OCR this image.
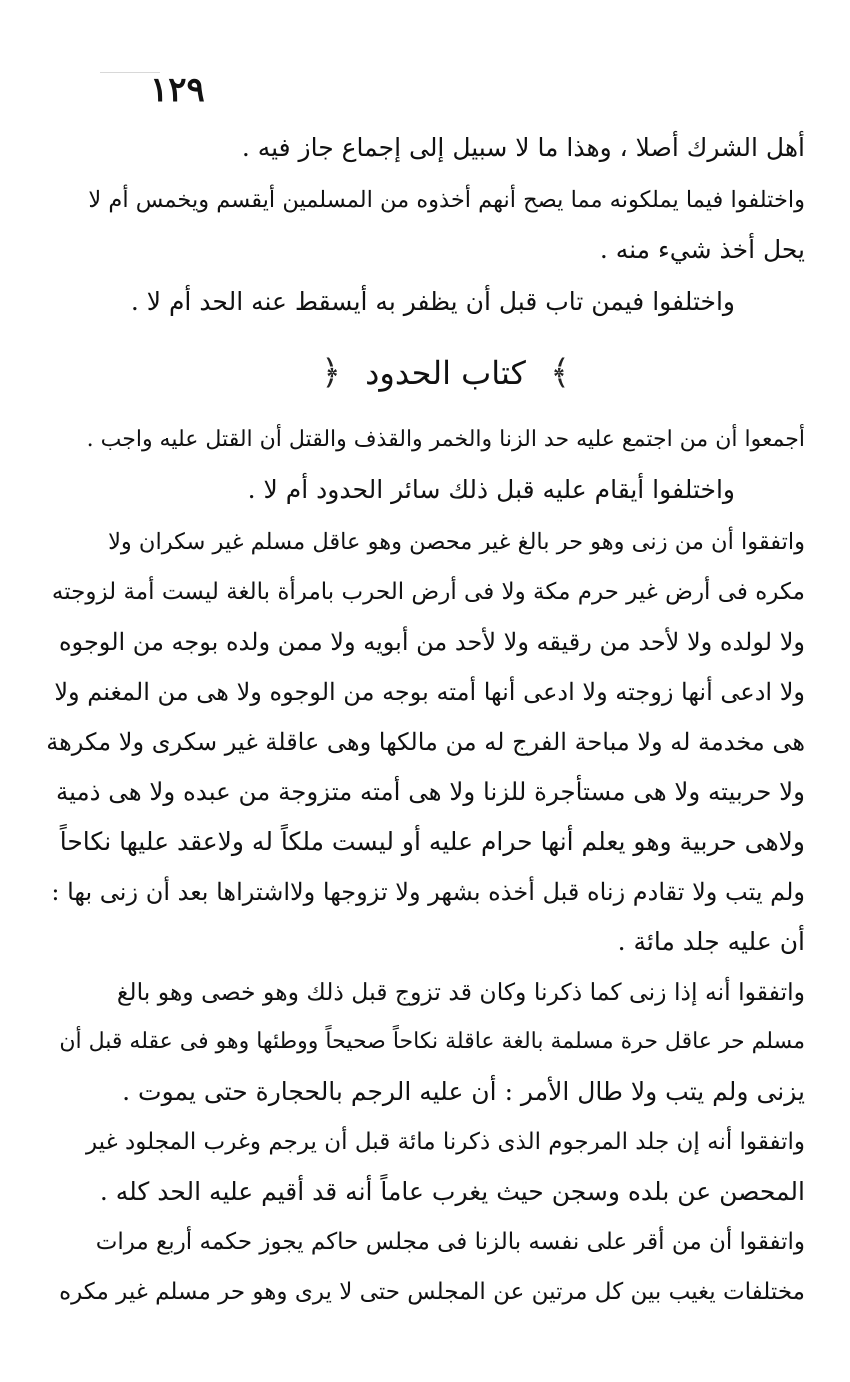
١٢٩
أهل الشرك أصلا ، وهذا ما لا سبيل إلى إجماع جاز فيه .
واختلفوا فيما يملكونه مما يصح أنهم أخذوه من المسلمين أيقسم ويخمس أم لا
يحل أخذ شيء منه .
واختلفوا فيمن تاب قبل أن يظفر به أيسقط عنه الحد أم لا .
﴾ كتاب الحدود ﴿
أجمعوا أن من اجتمع عليه حد الزنا والخمر والقذف والقتل أن القتل عليه واجب .
واختلفوا أيقام عليه قبل ذلك سائر الحدود أم لا .
واتفقوا أن من زنى وهو حر بالغ غير محصن وهو عاقل مسلم غير سكران ولا
مكره فى أرض غير حرم مكة ولا فى أرض الحرب بامرأة بالغة ليست أمة لزوجته
ولا لولده ولا لأحد من رقيقه ولا لأحد من أبويه ولا ممن ولده بوجه من الوجوه
ولا ادعى أنها زوجته ولا ادعى أنها أمته بوجه من الوجوه ولا هى من المغنم ولا
هى مخدمة له ولا مباحة الفرج له من مالكها وهى عاقلة غير سكرى ولا مكرهة
ولا حربيته ولا هى مستأجرة للزنا ولا هى أمته متزوجة من عبده ولا هى ذمية
ولاهى حربية وهو يعلم أنها حرام عليه أو ليست ملكاً له ولاعقد عليها نكاحاً
ولم يتب ولا تقادم زناه قبل أخذه بشهر ولا تزوجها ولااشتراها بعد أن زنى بها :
أن عليه جلد مائة .
واتفقوا أنه إذا زنى كما ذكرنا وكان قد تزوج قبل ذلك وهو خصى وهو بالغ
مسلم حر عاقل حرة مسلمة بالغة عاقلة نكاحاً صحيحاً ووطئها وهو فى عقله قبل أن
يزنى ولم يتب ولا طال الأمر : أن عليه الرجم بالحجارة حتى يموت .
واتفقوا أنه إن جلد المرجوم الذى ذكرنا مائة قبل أن يرجم وغرب المجلود غير
المحصن عن بلده وسجن حيث يغرب عاماً أنه قد أقيم عليه الحد كله .
واتفقوا أن من أقر على نفسه بالزنا فى مجلس حاكم يجوز حكمه أربع مرات
مختلفات يغيب بين كل مرتين عن المجلس حتى لا يرى وهو حر مسلم غير مكره
